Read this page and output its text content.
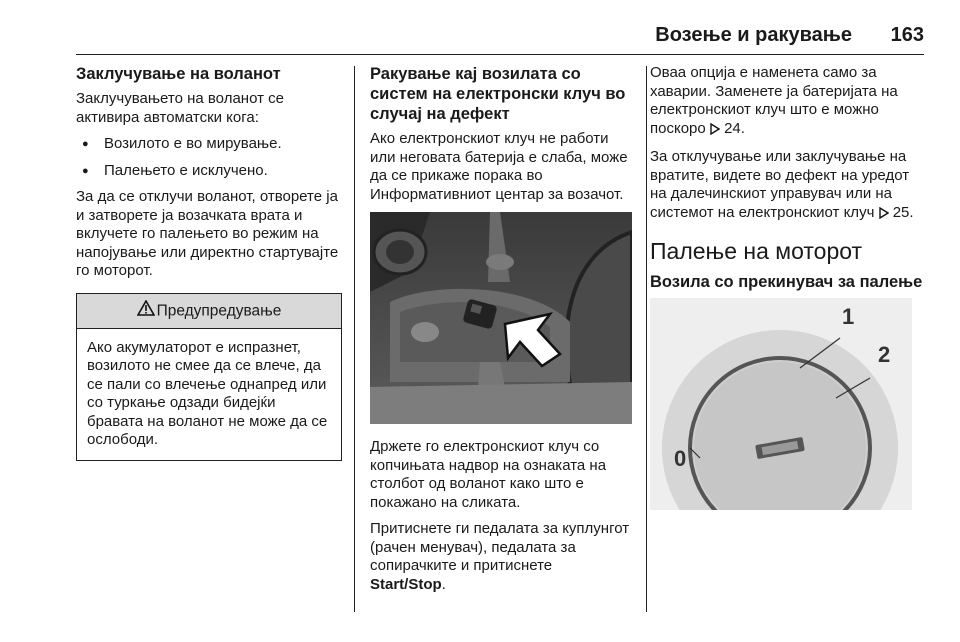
Возење и ракување 163
Заклучување на воланот

Заклучувањето на воланот се активира автоматски кога:

● Возилото е во мирување.
● Палењето е исклучено.

За да се отклучи воланот, отворете ја и затворете ја возачката врата и вклучете го палењето во режим на напојување или директно стартувајте го моторот.

Предупредување

Ако акумулаторот е испразнет, возилото не смее да се влече, да се пали со влечење однапред или со туркање одзади бидејќи бравата на воланот не може да се ослободи.

Ракување кај возилата со систем на електронски клуч во случај на дефект

Ако електронскиот клуч не работи или неговата батерија е слаба, може да се прикаже порака во Информативниот центар за возачот.

Држете го електронскиот клуч со копчињата надвор на ознаката на столбот од воланот како што е покажано на сликата.

Притиснете ги педалата за куплунгот (рачен менувач), педалата за сопирачките и притиснете Start/Stop.

Оваа опција е наменета само за хаварии. Заменете ја батеријата на електронскиот клуч што е можно поскоро  24.

За отклучување или заклучување на вратите, видете во дефект на уредот на далечинскиот управувач или на системот на електронскиот клуч  25.

Палење на моторот
Возила со прекинувач за палење
1
2
0
